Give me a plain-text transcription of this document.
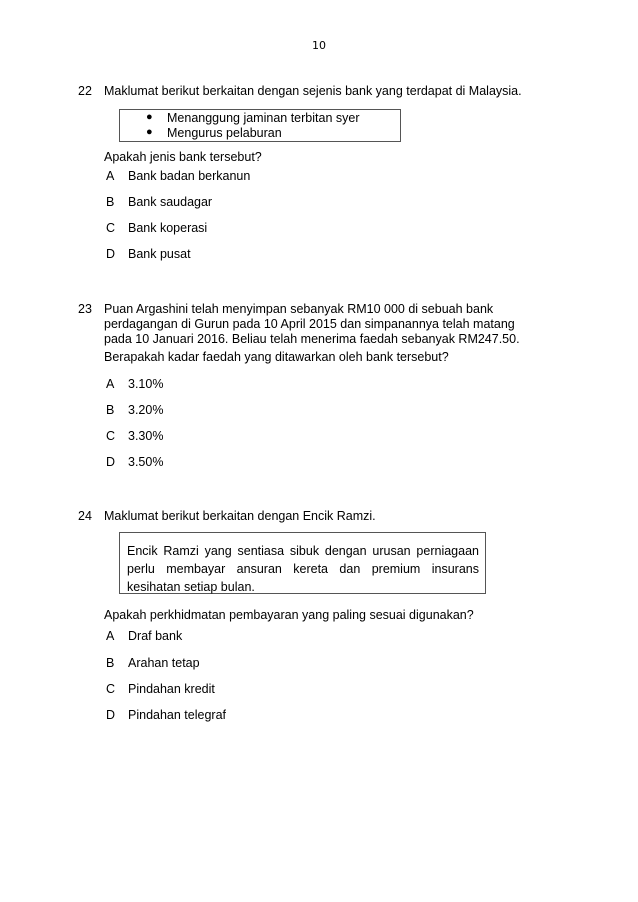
10
22 Maklumat berikut berkaitan dengan sejenis bank yang terdapat di Malaysia.
● Menanggung jaminan terbitan syer
● Mengurus pelaburan
Apakah jenis bank tersebut?
A Bank badan berkanun
B Bank saudagar
C Bank koperasi
D Bank pusat
23 Puan Argashini telah menyimpan sebanyak RM10 000 di sebuah bank
perdagangan di Gurun pada 10 April 2015 dan simpanannya telah matang
pada 10 Januari 2016. Beliau telah menerima faedah sebanyak RM247.50.
Berapakah kadar faedah yang ditawarkan oleh bank tersebut?
A 3.10%
B 3.20%
C 3.30%
D 3.50%
24 Maklumat berikut berkaitan dengan Encik Ramzi.
Encik Ramzi yang sentiasa sibuk dengan urusan perniagaan perlu membayar ansuran kereta dan premium insurans kesihatan setiap bulan.
Apakah perkhidmatan pembayaran yang paling sesuai digunakan?
A Draf bank
B Arahan tetap
C Pindahan kredit
D Pindahan telegraf
